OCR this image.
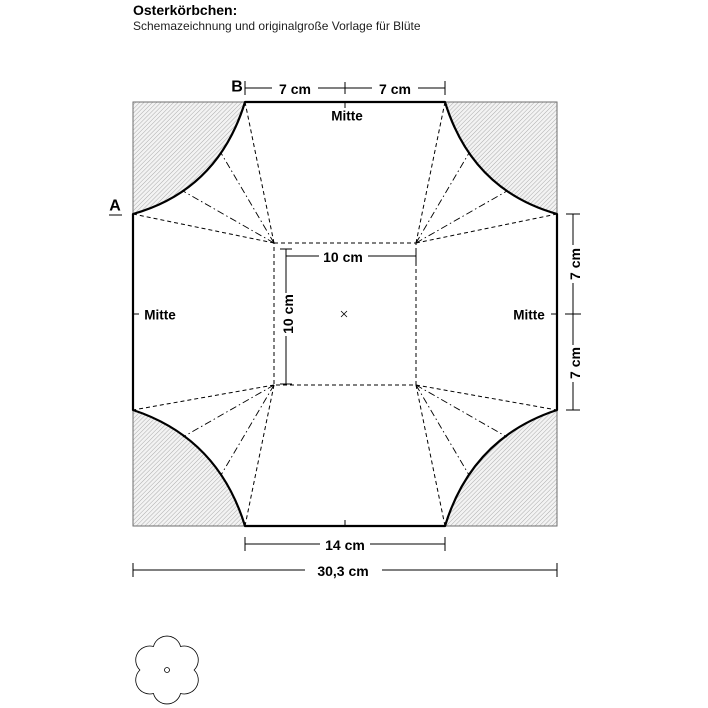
Osterkörbchen:
Schemazeichnung und originalgroße Vorlage für Blüte
Mitte
Mitte	Mitte
B
A
7 cm	7 cm
7 cm
7 cm
10 cm
10 cm
14 cm
30,3 cm
